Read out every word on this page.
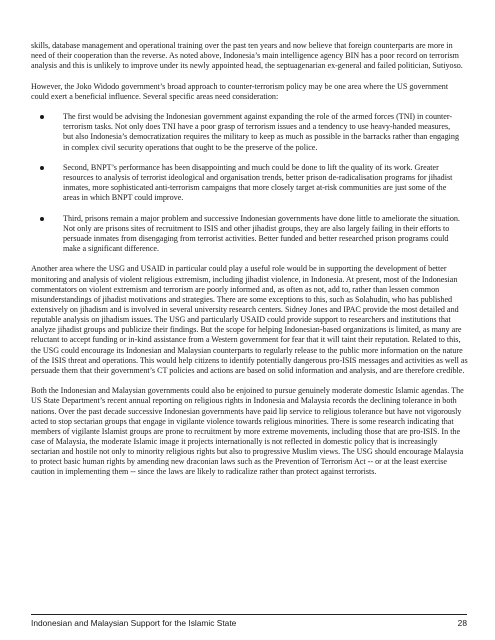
skills, database management and operational training over the past ten years and now believe that foreign counterparts are more in need of their cooperation than the reverse. As noted above, Indonesia’s main intelligence agency BIN has a poor record on terrorism analysis and this is unlikely to improve under its newly appointed head, the septuagenarian ex-general and failed politician, Sutiyoso.

However, the Joko Widodo government’s broad approach to counter-terrorism policy may be one area where the US government could exert a beneficial influence. Several specific areas need consideration:

The first would be advising the Indonesian government against expanding the role of the armed forces (TNI) in counter-terrorism tasks. Not only does TNI have a poor grasp of terrorism issues and a tendency to use heavy-handed measures, but also Indonesia’s democratization requires the military to keep as much as possible in the barracks rather than engaging in complex civil security operations that ought to be the preserve of the police.
Second, BNPT’s performance has been disappointing and much could be done to lift the quality of its work. Greater resources to analysis of terrorist ideological and organisation trends, better prison de-radicalisation programs for jihadist inmates, more sophisticated anti-terrorism campaigns that more closely target at-risk communities are just some of the areas in which BNPT could improve.
Third, prisons remain a major problem and successive Indonesian governments have done little to ameliorate the situation. Not only are prisons sites of recruitment to ISIS and other jihadist groups, they are also largely failing in their efforts to persuade inmates from disengaging from terrorist activities. Better funded and better researched prison programs could make a significant difference.

Another area where the USG and USAID in particular could play a useful role would be in supporting the development of better monitoring and analysis of violent religious extremism, including jihadist violence, in Indonesia. At present, most of the Indonesian commentators on violent extremism and terrorism are poorly informed and, as often as not, add to, rather than lessen common misunderstandings of jihadist motivations and strategies. There are some exceptions to this, such as Solahudin, who has published extensively on jihadism and is involved in several university research centers. Sidney Jones and IPAC provide the most detailed and reputable analysis on jihadism issues. The USG and particularly USAID could provide support to researchers and institutions that analyze jihadist groups and publicize their findings. But the scope for helping Indonesian-based organizations is limited, as many are reluctant to accept funding or in-kind assistance from a Western government for fear that it will taint their reputation. Related to this, the USG could encourage its Indonesian and Malaysian counterparts to regularly release to the public more information on the nature of the ISIS threat and operations. This would help citizens to identify potentially dangerous pro-ISIS messages and activities as well as persuade them that their government’s CT policies and actions are based on solid information and analysis, and are therefore credible.

Both the Indonesian and Malaysian governments could also be enjoined to pursue genuinely moderate domestic Islamic agendas. The US State Department’s recent annual reporting on religious rights in Indonesia and Malaysia records the declining tolerance in both nations. Over the past decade successive Indonesian governments have paid lip service to religious tolerance but have not vigorously acted to stop sectarian groups that engage in vigilante violence towards religious minorities. There is some research indicating that members of vigilante Islamist groups are prone to recruitment by more extreme movements, including those that are pro-ISIS. In the case of Malaysia, the moderate Islamic image it projects internationally is not reflected in domestic policy that is increasingly sectarian and hostile not only to minority religious rights but also to progressive Muslim views. The USG should encourage Malaysia to protect basic human rights by amending new draconian laws such as the Prevention of Terrorism Act -- or at the least exercise caution in implementing them -- since the laws are likely to radicalize rather than protect against terrorists.

Indonesian and Malaysian Support for the Islamic State	28
